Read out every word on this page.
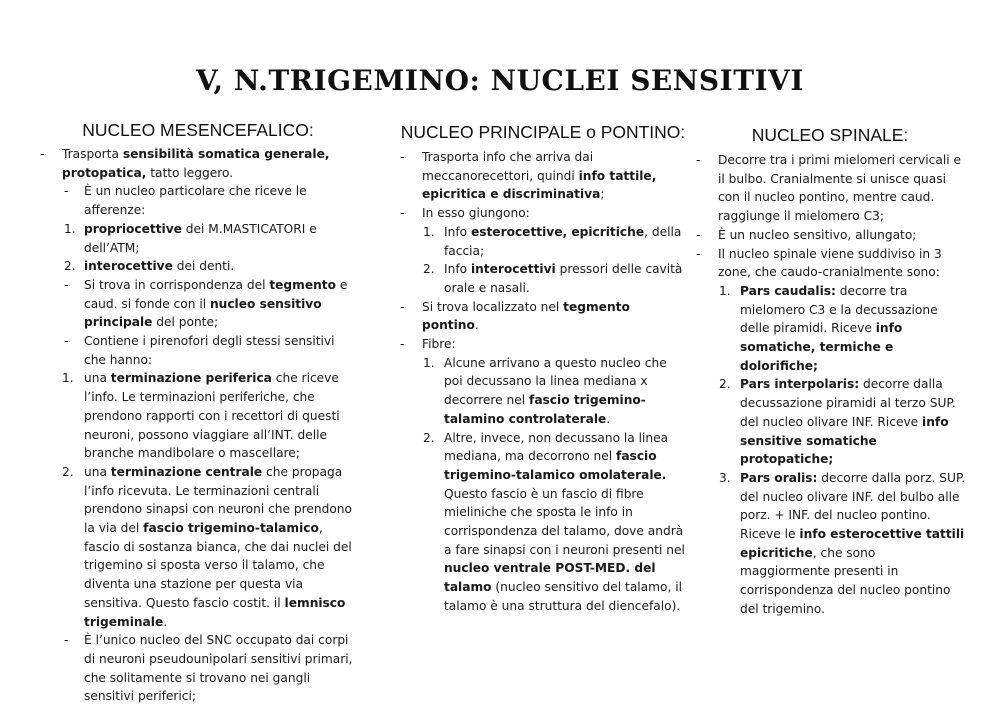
V, N.TRIGEMINO: NUCLEI SENSITIVI
NUCLEO MESENCEFALICO:
- Trasporta sensibilità somatica generale, protopatica, tatto leggero.
- È un nucleo particolare che riceve le afferenze:
1. propriocettive dei M.MASTICATORI e dell’ATM;
2. interocettive dei denti.
- Si trova in corrispondenza del tegmento e caud. si fonde con il nucleo sensitivo principale del ponte;
- Contiene i pirenofori degli stessi sensitivi che hanno:
1. una terminazione periferica che riceve l’info. Le terminazioni periferiche, che prendono rapporti con i recettori di questi neuroni, possono viaggiare all’INT. delle branche mandibolare o mascellare;
2. una terminazione centrale che propaga l’info ricevuta. Le terminazioni centrali prendono sinapsi con neuroni che prendono la via del fascio trigemino-talamico, fascio di sostanza bianca, che dai nuclei del trigemino si sposta verso il talamo, che diventa una stazione per questa via sensitiva. Questo fascio costit. il lemnisco trigeminale.
- È l’unico nucleo del SNC occupato dai corpi di neuroni pseudounipolari sensitivi primari, che solitamente si trovano nei gangli sensitivi periferici;
NUCLEO PRINCIPALE o PONTINO:
- Trasporta info che arriva dai meccanorecettori, quindi info tattile, epicritica e discriminativa;
- In esso giungono:
1. Info esterocettive, epicritiche, della faccia;
2. Info interocettivi pressori delle cavità orale e nasali.
- Si trova localizzato nel tegmento pontino.
- Fibre:
1. Alcune arrivano a questo nucleo che poi decussano la linea mediana x decorrere nel fascio trigemino-talamino controlaterale.
2. Altre, invece, non decussano la linea mediana, ma decorrono nel fascio trigemino-talamico omolaterale. Questo fascio è un fascio di fibre mieliniche che sposta le info in corrispondenza del talamo, dove andrà a fare sinapsi con i neuroni presenti nel nucleo ventrale POST-MED. del talamo (nucleo sensitivo del talamo, il talamo è una struttura del diencefalo).
NUCLEO SPINALE:
- Decorre tra i primi mielomeri cervicali e il bulbo. Cranialmente si unisce quasi con il nucleo pontino, mentre caud. raggiunge il mielomero C3;
- È un nucleo sensitivo, allungato;
- Il nucleo spinale viene suddiviso in 3 zone, che caudo-cranialmente sono:
1. Pars caudalis: decorre tra mielomero C3 e la decussazione delle piramidi. Riceve info somatiche, termiche e dolorifiche;
2. Pars interpolaris: decorre dalla decussazione piramidi al terzo SUP. del nucleo olivare INF. Riceve info sensitive somatiche protopatiche;
3. Pars oralis: decorre dalla porz. SUP. del nucleo olivare INF. del bulbo alle porz. + INF. del nucleo pontino. Riceve le info esterocettive tattili epicritiche, che sono maggiormente presenti in corrispondenza del nucleo pontino del trigemino.
